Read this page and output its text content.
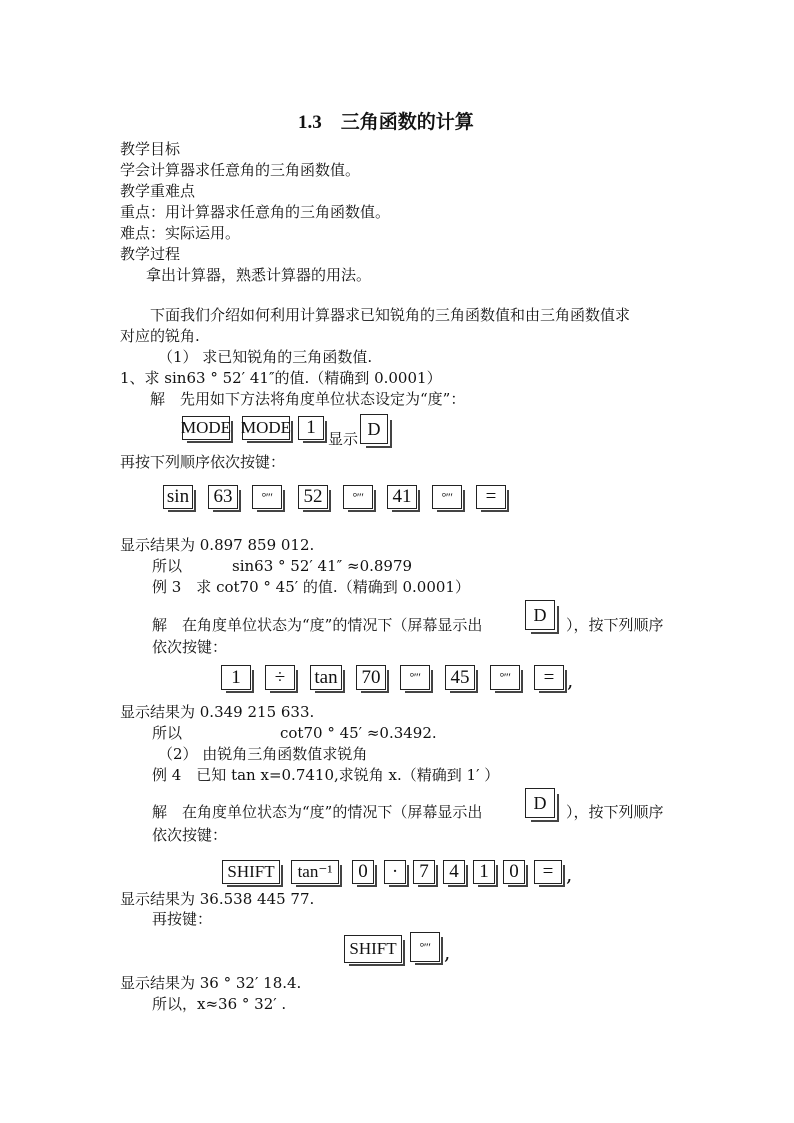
1.3　三角函数的计算
教学目标
学会计算器求任意角的三角函数值。
教学重难点
重点：用计算器求任意角的三角函数值。
难点：实际运用。
教学过程
拿出计算器，熟悉计算器的用法。
下面我们介绍如何利用计算器求已知锐角的三角函数值和由三角函数值求
对应的锐角.
（1） 求已知锐角的三角函数值.
1、求 sin63 ° 52′ 41″的值.（精确到 0.0001）
解　先用如下方法将角度单位状态设定为“度”：
MODE MODE 1
显示
D
再按下列顺序依次按键：
sin 63	°′″	52	°′″	41	°′″	=
显示结果为 0.897 859 012.
所以	sin63 ° 52′ 41″ ≈0.8979
例 3　求 cot70 ° 45′ 的值.（精确到 0.0001）
解　在角度单位状态为“度”的情况下（屏幕显示出
D
），按下列顺序
依次按键：
1	÷	tan 70	°′″	45	°′″	= ,
显示结果为 0.349 215 633.
所以	cot70 ° 45′ ≈0.3492.
（2） 由锐角三角函数值求锐角
例 4　已知 tan x=0.7410,求锐角 x.（精确到 1′ ）
解　在角度单位状态为“度”的情况下（屏幕显示出	D	），按下列顺序
依次按键：
SHIFT	tan⁻¹	0	·	7	4	1	0	= ,
显示结果为 36.538 445 77.
再按键：
SHIFT	°′″ ,
显示结果为 36 ° 32′ 18.4.
所以，x≈36 ° 32′ .
